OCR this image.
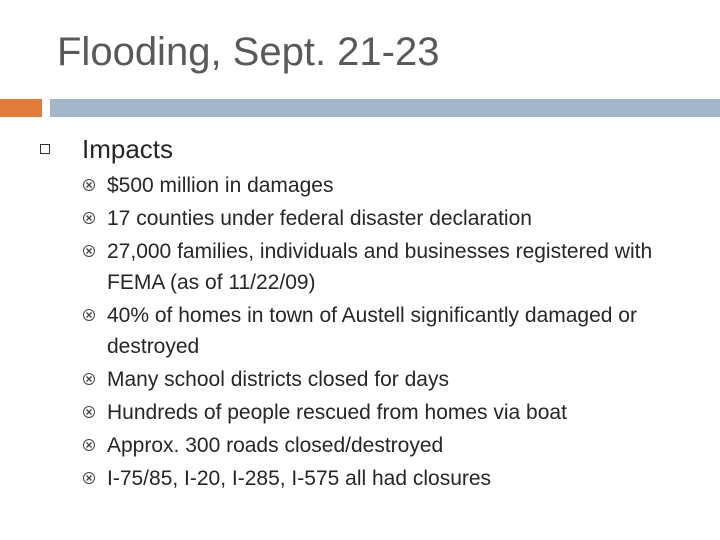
Flooding, Sept. 21-23
Impacts
$500 million in damages
17 counties under federal disaster declaration
27,000 families, individuals and businesses registered with FEMA (as of 11/22/09)
40% of homes in town of Austell significantly damaged or destroyed
Many school districts closed for days
Hundreds of people rescued from homes via boat
Approx. 300 roads closed/destroyed
I-75/85, I-20, I-285, I-575 all had closures
